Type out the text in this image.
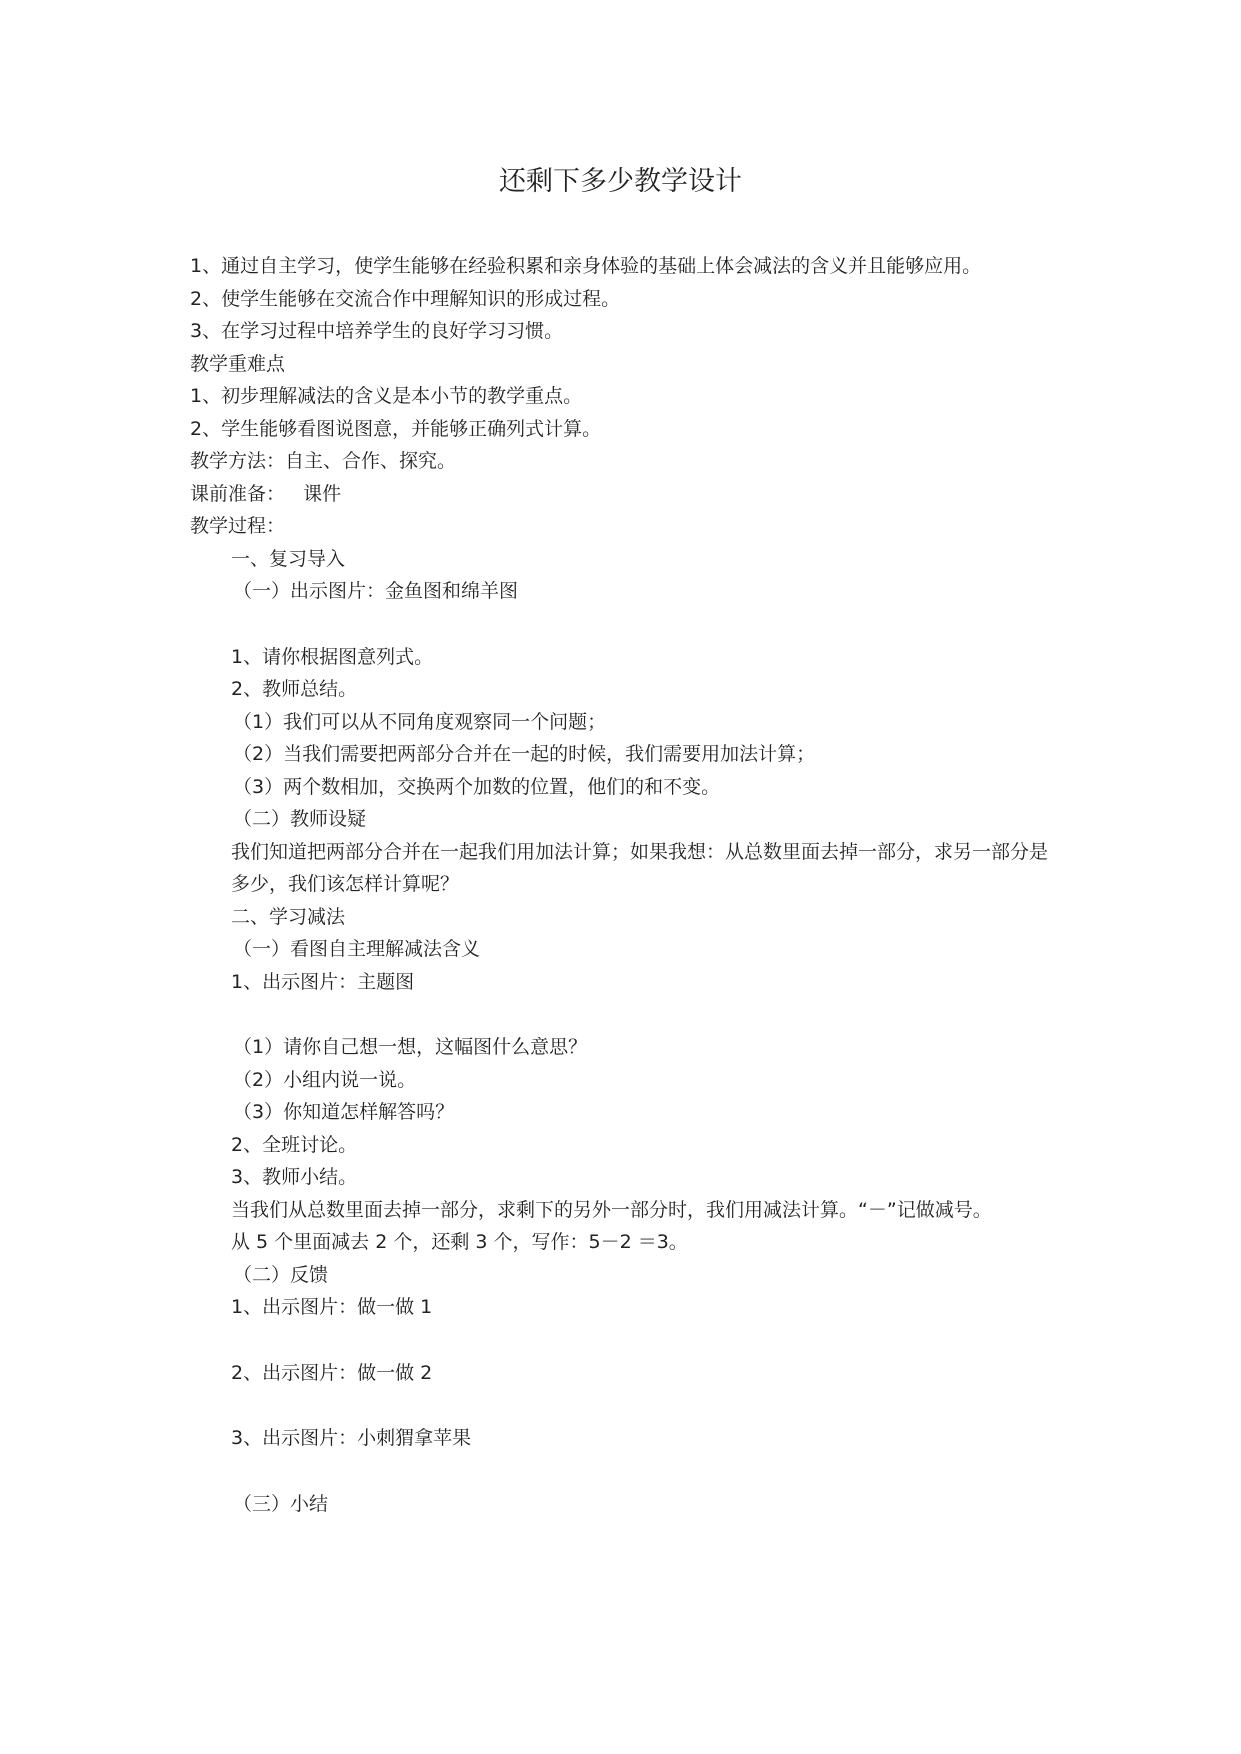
还剩下多少教学设计

1、通过自主学习，使学生能够在经验积累和亲身体验的基础上体会减法的含义并且能够应用。

2、使学生能够在交流合作中理解知识的形成过程。

3、在学习过程中培养学生的良好学习习惯。

教学重难点

1、初步理解减法的含义是本小节的教学重点。

2、学生能够看图说图意，并能够正确列式计算。

教学方法：自主、合作、探究。

课前准备：   课件

教学过程：

一、复习导入

（一）出示图片：金鱼图和绵羊图

1、请你根据图意列式。

2、教师总结。

（1）我们可以从不同角度观察同一个问题；

（2）当我们需要把两部分合并在一起的时候，我们需要用加法计算；

（3）两个数相加，交换两个加数的位置，他们的和不变。

（二）教师设疑

我们知道把两部分合并在一起我们用加法计算；如果我想：从总数里面去掉一部分，求另一部分是多少，我们该怎样计算呢？

二、学习减法

（一）看图自主理解减法含义

1、出示图片：主题图

（1）请你自己想一想，这幅图什么意思？

（2）小组内说一说。

（3）你知道怎样解答吗？

2、全班讨论。

3、教师小结。

当我们从总数里面去掉一部分，求剩下的另外一部分时，我们用减法计算。“－”记做减号。

从 5 个里面减去 2 个，还剩 3 个，写作：5－2 ＝3。

（二）反馈

1、出示图片：做一做 1

2、出示图片：做一做 2

3、出示图片：小刺猬拿苹果

（三）小结
